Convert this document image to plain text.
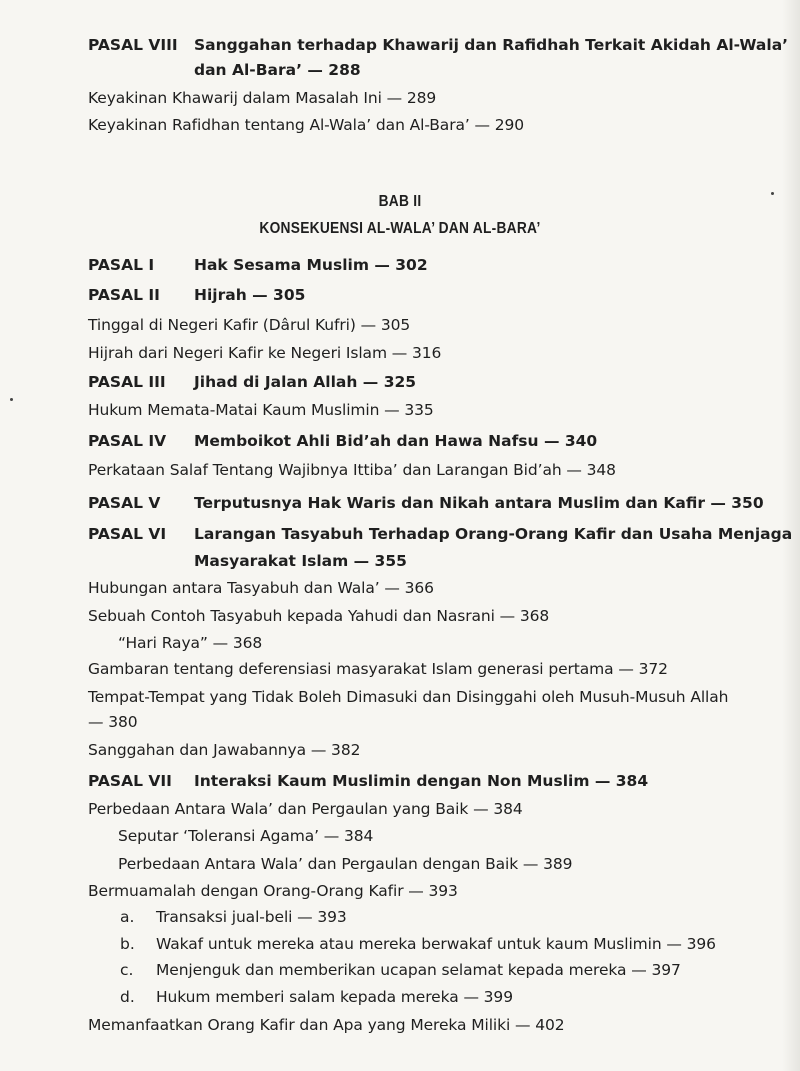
PASAL VIII Sanggahan terhadap Khawarij dan Rafidhah Terkait Akidah Al-Wala’
dan Al-Bara’ — 288
Keyakinan Khawarij dalam Masalah Ini — 289
Keyakinan Rafidhan tentang Al-Wala’ dan Al-Bara’ — 290
BAB II
KONSEKUENSI AL-WALA’ DAN AL-BARA’
PASAL I	Hak Sesama Muslim — 302
PASAL II Hijrah — 305
Tinggal di Negeri Kafir (Dârul Kufri) — 305
Hijrah dari Negeri Kafir ke Negeri Islam — 316
PASAL III Jihad di Jalan Allah — 325
Hukum Memata-Matai Kaum Muslimin — 335
PASAL IV Memboikot Ahli Bid’ah dan Hawa Nafsu — 340
Perkataan Salaf Tentang Wajibnya Ittiba’ dan Larangan Bid’ah — 348
PASAL V Terputusnya Hak Waris dan Nikah antara Muslim dan Kafir — 350
PASAL VI Larangan Tasyabuh Terhadap Orang-Orang Kafir dan Usaha Menjaga
Masyarakat Islam — 355
Hubungan antara Tasyabuh dan Wala’ — 366
Sebuah Contoh Tasyabuh kepada Yahudi dan Nasrani — 368
“Hari Raya” — 368
Gambaran tentang deferensiasi masyarakat Islam generasi pertama — 372
Tempat-Tempat yang Tidak Boleh Dimasuki dan Disinggahi oleh Musuh-Musuh Allah
— 380
Sanggahan dan Jawabannya — 382
PASAL VII Interaksi Kaum Muslimin dengan Non Muslim — 384
Perbedaan Antara Wala’ dan Pergaulan yang Baik — 384
Seputar ‘Toleransi Agama’ — 384
Perbedaan Antara Wala’ dan Pergaulan dengan Baik — 389
Bermuamalah dengan Orang-Orang Kafir — 393
a. Transaksi jual-beli — 393
b. Wakaf untuk mereka atau mereka berwakaf untuk kaum Muslimin — 396
c. Menjenguk dan memberikan ucapan selamat kepada mereka — 397
d. Hukum memberi salam kepada mereka — 399
Memanfaatkan Orang Kafir dan Apa yang Mereka Miliki — 402
